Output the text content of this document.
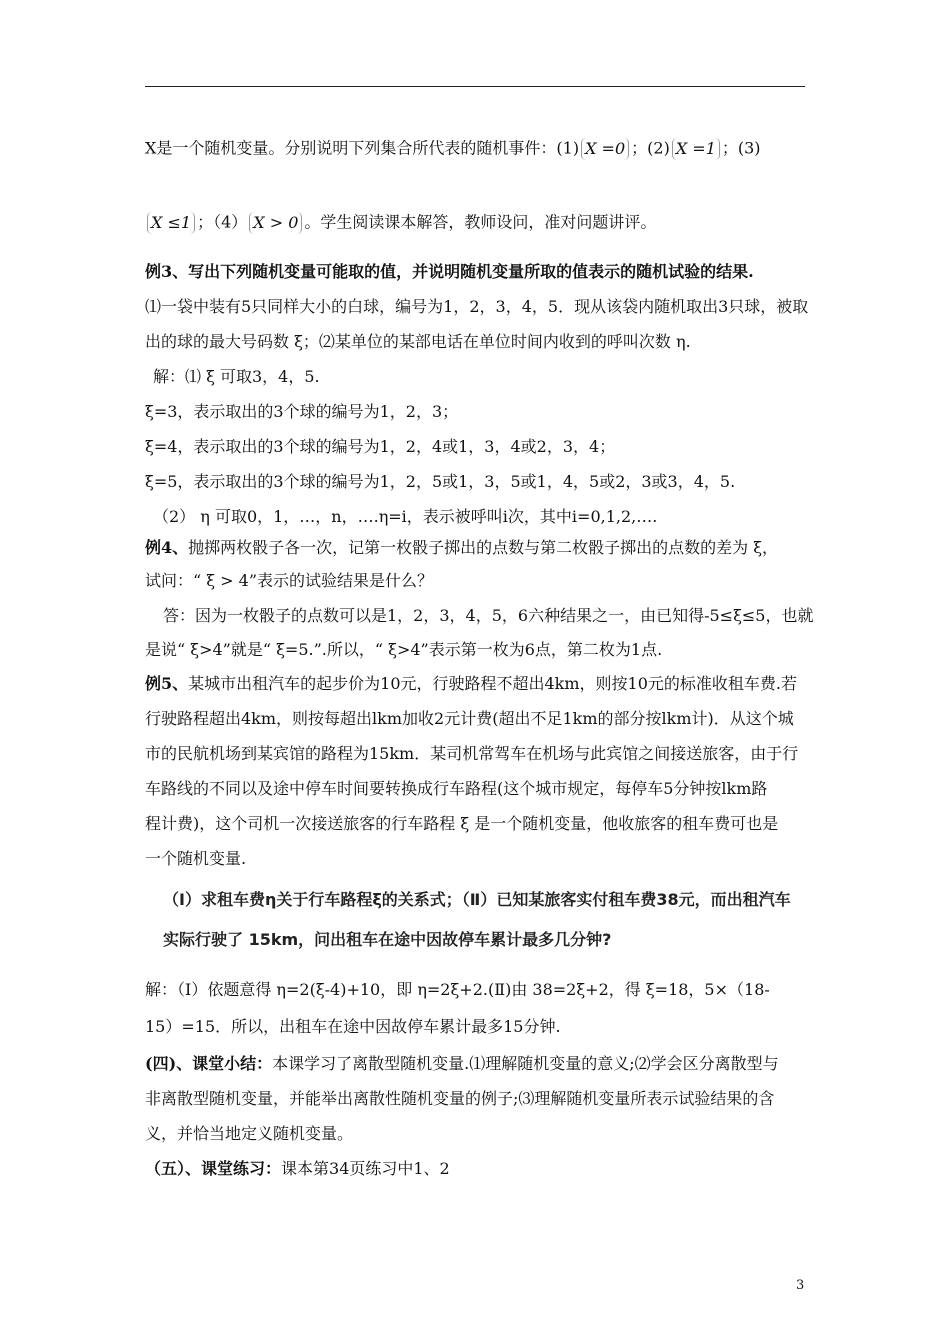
X是一个随机变量。分别说明下列集合所代表的随机事件：(1) X =0 ；(2) X =1 ；(3)
X ≤1 ；（4） X > 0 。学生阅读课本解答，教师设问，准对问题讲评。
例3、写出下列随机变量可能取的值，并说明随机变量所取的值表示的随机试验的结果.
⑴一袋中装有5只同样大小的白球，编号为1，2，3，4，5．现从该袋内随机取出3只球，被取
出的球的最大号码数 ξ；⑵某单位的某部电话在单位时间内收到的呼叫次数 η.
解：⑴ ξ 可取3，4，5.
ξ=3，表示取出的3个球的编号为1，2，3；
ξ=4，表示取出的3个球的编号为1，2，4或1，3，4或2，3，4；
ξ=5，表示取出的3个球的编号为1，2，5或1，3，5或1，4，5或2，3或3，4，5.
（2） η 可取0，1，…，n，….η=i，表示被呼叫i次，其中i=0,1,2,….
例4、抛掷两枚骰子各一次，记第一枚骰子掷出的点数与第二枚骰子掷出的点数的差为 ξ，
试问：“ ξ > 4”表示的试验结果是什么？
答：因为一枚骰子的点数可以是1，2，3，4，5，6六种结果之一，由已知得-5≤ξ≤5，也就
是说“ ξ>4”就是“ ξ=5.”.所以，“ ξ>4”表示第一枚为6点，第二枚为1点.
例5、某城市出租汽车的起步价为10元，行驶路程不超出4km，则按10元的标准收租车费.若
行驶路程超出4km，则按每超出lkm加收2元计费(超出不足1km的部分按lkm计)．从这个城
市的民航机场到某宾馆的路程为15km．某司机常驾车在机场与此宾馆之间接送旅客，由于行
车路线的不同以及途中停车时间要转换成行车路程(这个城市规定，每停车5分钟按lkm路
程计费)，这个司机一次接送旅客的行车路程 ξ 是一个随机变量，他收旅客的租车费可也是
一个随机变量.
（Ⅰ）求租车费η关于行车路程ξ的关系式；（Ⅱ）已知某旅客实付租车费38元，而出租汽车
实际行驶了 15km，问出租车在途中因故停车累计最多几分钟?
解：（Ⅰ）依题意得 η=2(ξ-4)+10，即 η=2ξ+2.(Ⅱ)由 38=2ξ+2，得 ξ=18，5×（18-
15）=15．所以，出租车在途中因故停车累计最多15分钟.
(四)、课堂小结：本课学习了离散型随机变量.⑴理解随机变量的意义;⑵学会区分离散型与
非离散型随机变量，并能举出离散性随机变量的例子;⑶理解随机变量所表示试验结果的含
义，并恰当地定义随机变量。
（五）、课堂练习：课本第34页练习中1、2
3
